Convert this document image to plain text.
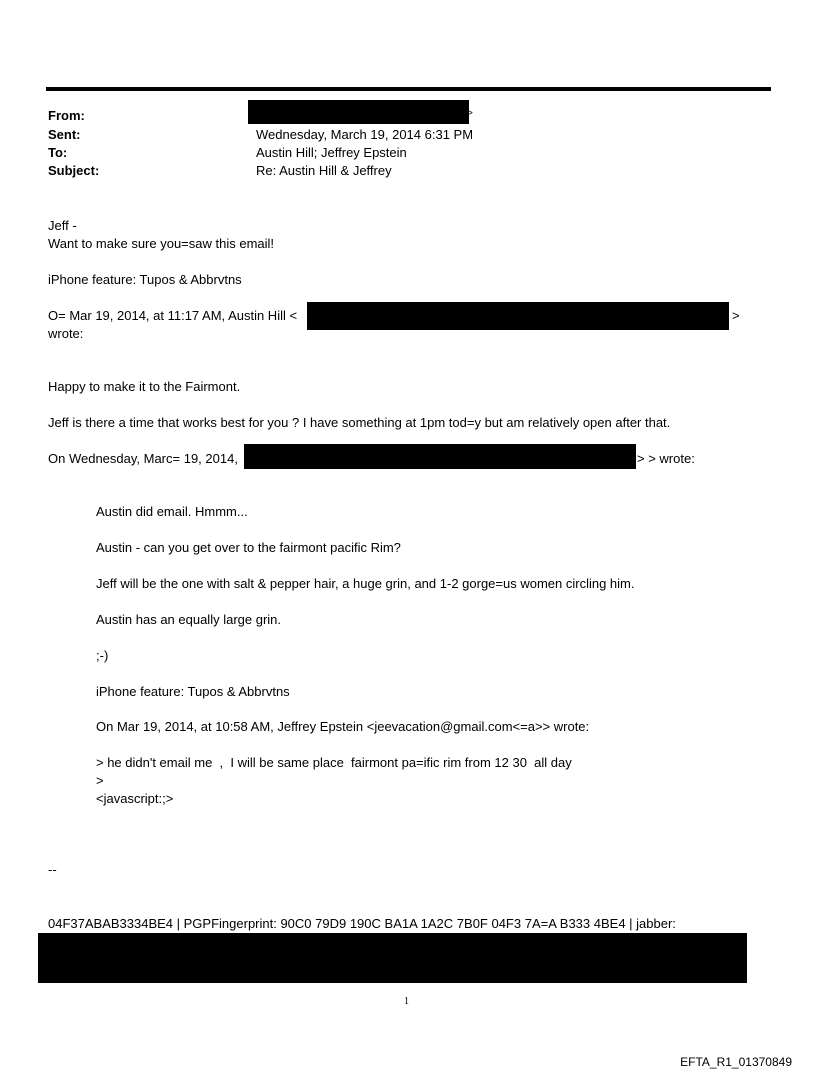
From:	>
Sent:	Wednesday, March 19, 2014 6:31 PM
To:	Austin Hill; Jeffrey Epstein
Subject:	Re: Austin Hill & Jeffrey
Jeff -
Want to make sure you=saw this email!
iPhone feature: Tupos & Abbrvtns
O= Mar 19, 2014, at 11:17 AM, Austin Hill <	>
wrote:
Happy to make it to the Fairmont.
Jeff is there a time that works best for you ? I have something at 1pm tod=y but am relatively open after that.
On Wednesday, Marc= 19, 2014,	> > wrote:
Austin did email. Hmmm...
Austin - can you get over to the fairmont pacific Rim?
Jeff will be the one with salt & pepper hair, a huge grin, and 1-2 gorge=us women circling him.
Austin has an equally large grin.
;-)
iPhone feature: Tupos & Abbrvtns
On Mar 19, 2014, at 10:58 AM, Jeffrey Epstein <jeevacation@gmail.com<=a>> wrote:
> he didn't email me  ,  I will be same place  fairmont pa=ific rim from 12 30  all day
>
<javascript:;>
--
04F37ABAB3334BE4 | PGPFingerprint: 90C0 79D9 190C BA1A 1A2C 7B0F 04F3 7A=A B333 4BE4 | jabber:
1
EFTA_R1_01370849
